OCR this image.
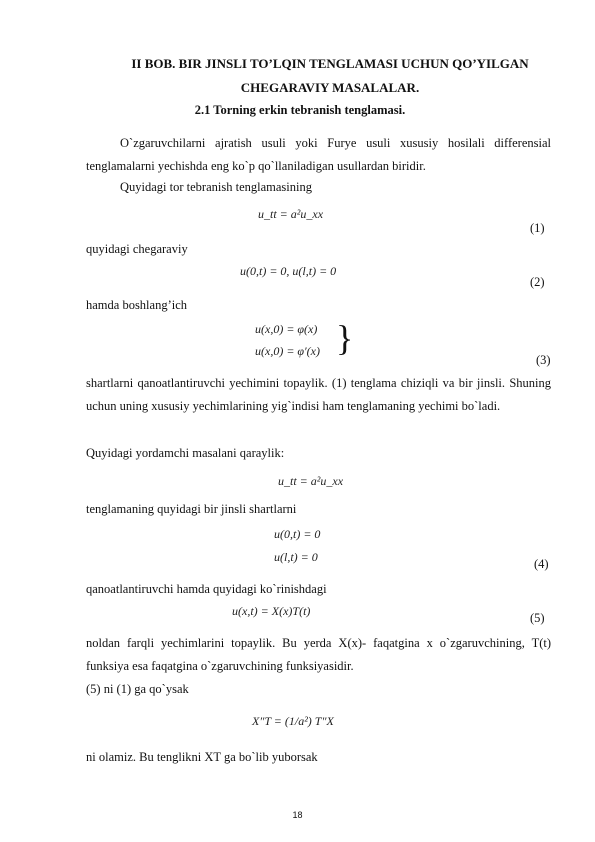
II BOB. BIR JINSLI TO’LQIN TENGLAMASI UCHUN QO’YILGAN
CHEGARAVIY MASALALAR.
2.1 Torning erkin tebranish tenglamasi.
O`zgaruvchilarni ajratish usuli yoki Furye usuli xususiy hosilali differensial tenglamalarni yechishda eng ko`p qo`llaniladigan usullardan biridir.
Quyidagi tor tebranish tenglamasining
u_tt = a²u_xx
(1)
quyidagi chegaraviy
u(0,t) = 0, u(l,t) = 0
(2)
hamda boshlang’ich
u(x,0) = φ(x)
u(x,0) = φ′(x) }
(3)
shartlarni qanoatlantiruvchi yechimini topaylik. (1) tenglama chiziqli va bir jinsli. Shuning uchun uning xususiy yechimlarining yig`indisi ham tenglamaning yechimi bo`ladi.
Quyidagi yordamchi masalani qaraylik:
u_tt = a²u_xx
tenglamaning quyidagi bir jinsli shartlarni
u(0,t) = 0
u(l,t) = 0	(4)
qanoatlantiruvchi hamda quyidagi ko`rinishdagi
u(x,t) = X(x)T(t)	(5)
noldan farqli yechimlarini topaylik. Bu yerda X(x)- faqatgina x o`zgaruvchining, T(t) funksiya esa faqatgina o`zgaruvchining funksiyasidir.
(5) ni (1) ga qo`ysak
X″T = (1/a²) T″X
ni olamiz. Bu tenglikni XT ga bo`lib yuborsak
18
